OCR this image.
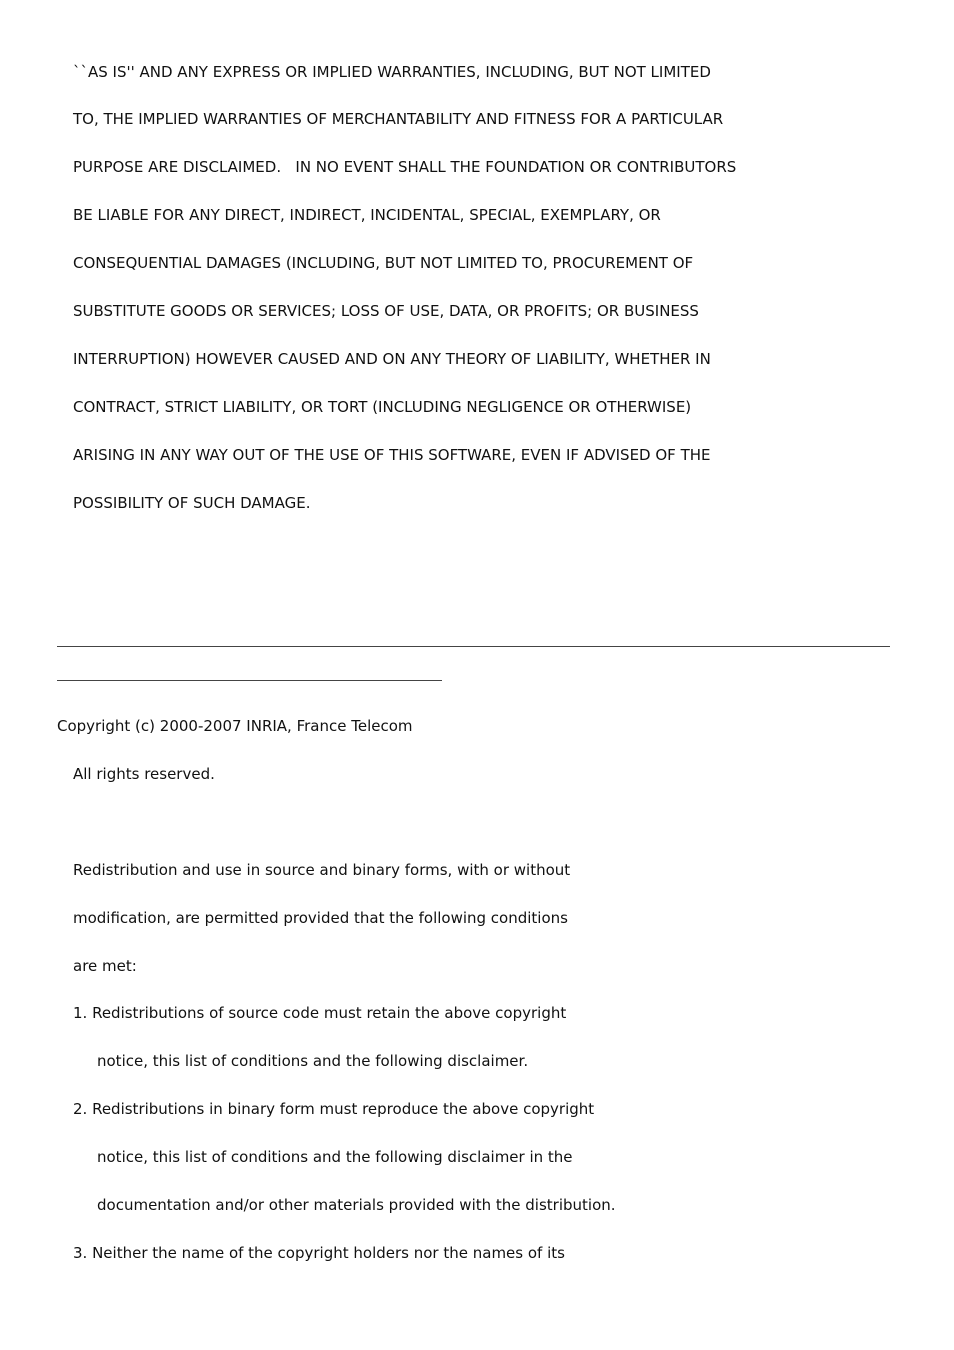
``AS IS'' AND ANY EXPRESS OR IMPLIED WARRANTIES, INCLUDING, BUT NOT LIMITED
TO, THE IMPLIED WARRANTIES OF MERCHANTABILITY AND FITNESS FOR A PARTICULAR
PURPOSE ARE DISCLAIMED.   IN NO EVENT SHALL THE FOUNDATION OR CONTRIBUTORS
BE LIABLE FOR ANY DIRECT, INDIRECT, INCIDENTAL, SPECIAL, EXEMPLARY, OR
CONSEQUENTIAL DAMAGES (INCLUDING, BUT NOT LIMITED TO, PROCUREMENT OF
SUBSTITUTE GOODS OR SERVICES; LOSS OF USE, DATA, OR PROFITS; OR BUSINESS
INTERRUPTION) HOWEVER CAUSED AND ON ANY THEORY OF LIABILITY, WHETHER IN
CONTRACT, STRICT LIABILITY, OR TORT (INCLUDING NEGLIGENCE OR OTHERWISE)
ARISING IN ANY WAY OUT OF THE USE OF THIS SOFTWARE, EVEN IF ADVISED OF THE
POSSIBILITY OF SUCH DAMAGE.
Copyright (c) 2000-2007 INRIA, France Telecom
All rights reserved.
Redistribution and use in source and binary forms, with or without
modification, are permitted provided that the following conditions
are met:
1. Redistributions of source code must retain the above copyright
notice, this list of conditions and the following disclaimer.
2. Redistributions in binary form must reproduce the above copyright
notice, this list of conditions and the following disclaimer in the
documentation and/or other materials provided with the distribution.
3. Neither the name of the copyright holders nor the names of its
